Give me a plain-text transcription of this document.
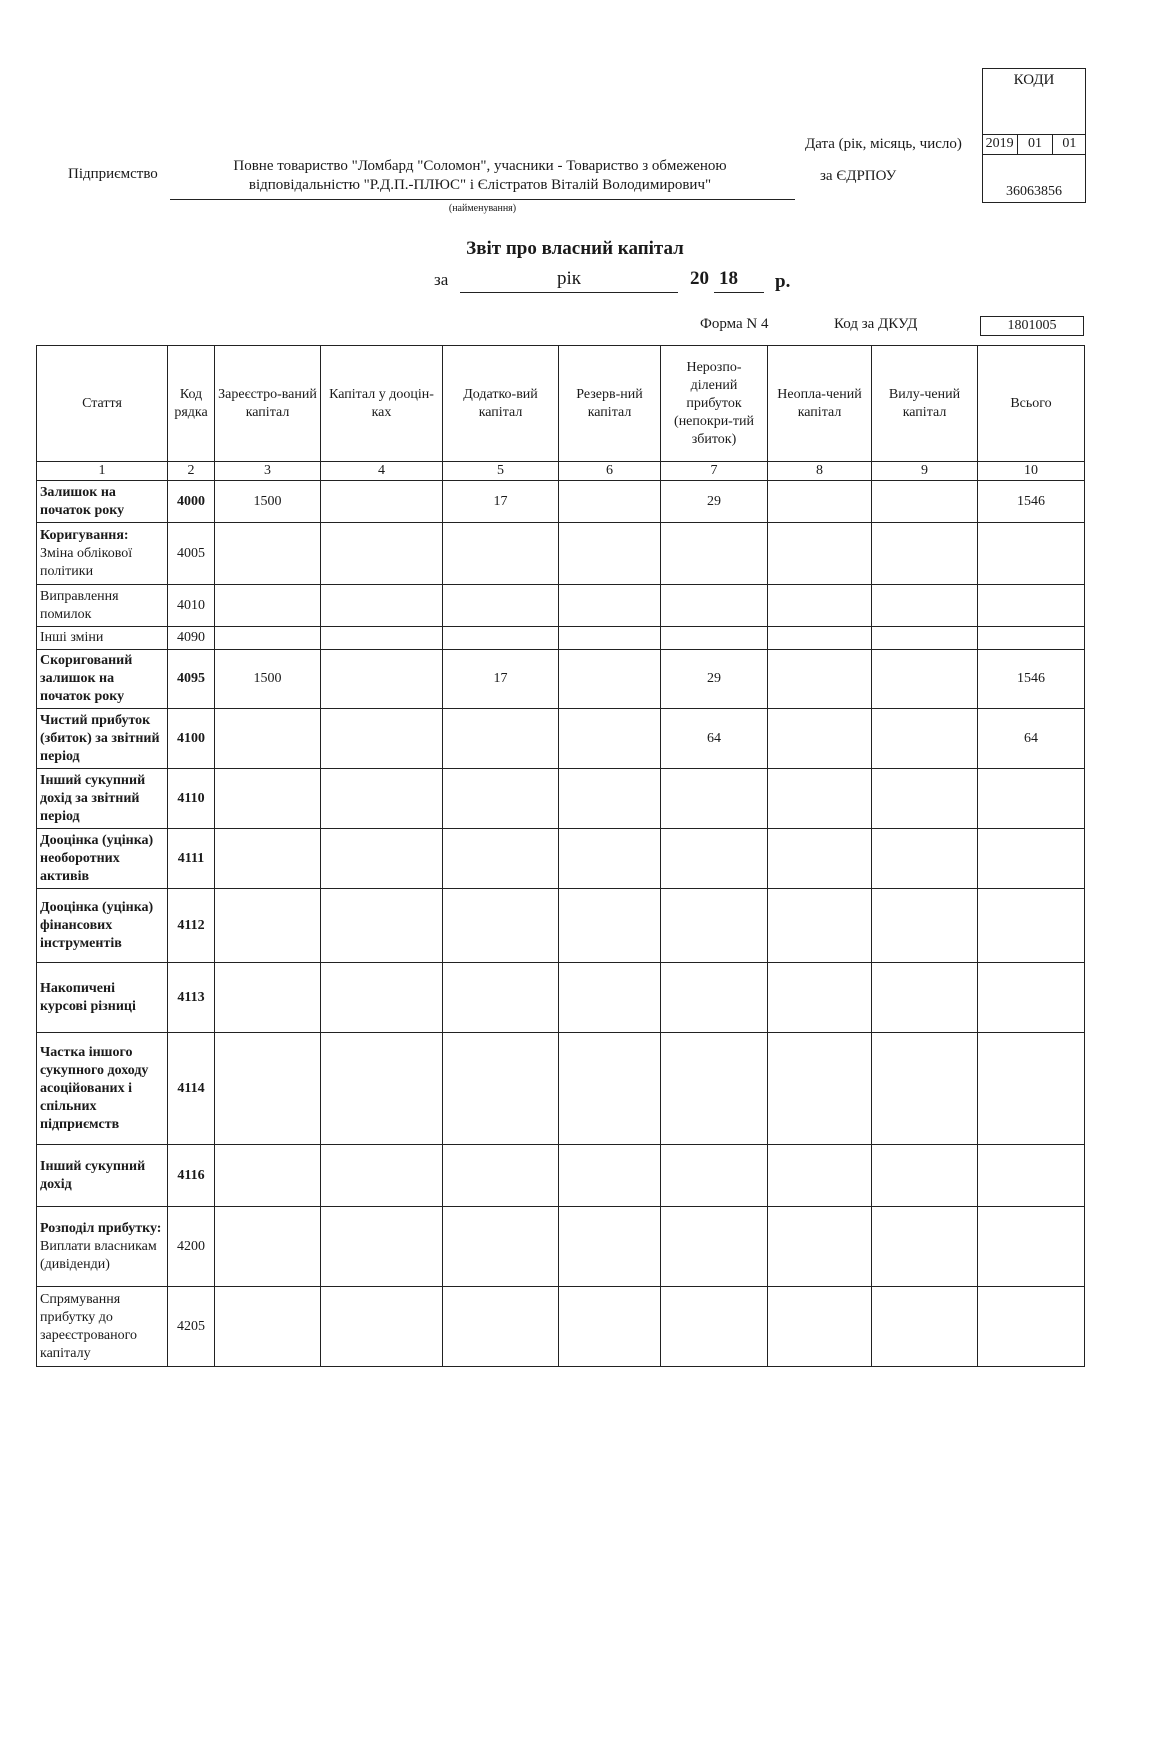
КОДИ
2019	01	01
36063856
Дата (рік, місяць, число)
за ЄДРПОУ
Підприємство	Повне товариство "Ломбард "Соломон", учасники - Товариство з обмеженою
відповідальністю "Р.Д.П.-ПЛЮС" і Єлістратов Віталій Володимирович"
(найменування)
Звіт про власний капітал
за	рік	20 18 р.
Форма N 4	Код за ДКУД	1801005
Стаття	Код рядка	Зареєстро-ваний капітал	Капітал у дооцін-ках	Додатко-вий капітал	Резерв-ний капітал	Нерозпо-ділений прибуток (непокри-тий збиток)	Неопла-чений капітал	Вилу-чений капітал	Всього
1	2	3	4	5	6	7	8	9	10

Залишок на початок року	4000	1500		17		29			1546

Коригування:
Зміна облікової політики	4005								

Виправлення помилок	4010								

Інші зміни	4090								

Скоригований залишок на початок року	4095	1500		17		29			1546

Чистий прибуток (збиток) за звітний період	4100					64			64

Інший сукупний дохід за звітний період	4110								

Дооцінка (уцінка) необоротних активів	4111								

Дооцінка (уцінка) фінансових інструментів	4112								

Накопичені курсові різниці	4113								

Частка іншого сукупного доходу асоційованих і спільних підприємств	4114								

Інший сукупний дохід	4116								

Розподіл прибутку:
Виплати власникам (дивіденди)	4200								

Спрямування прибутку до зареєстрованого капіталу	4205								
